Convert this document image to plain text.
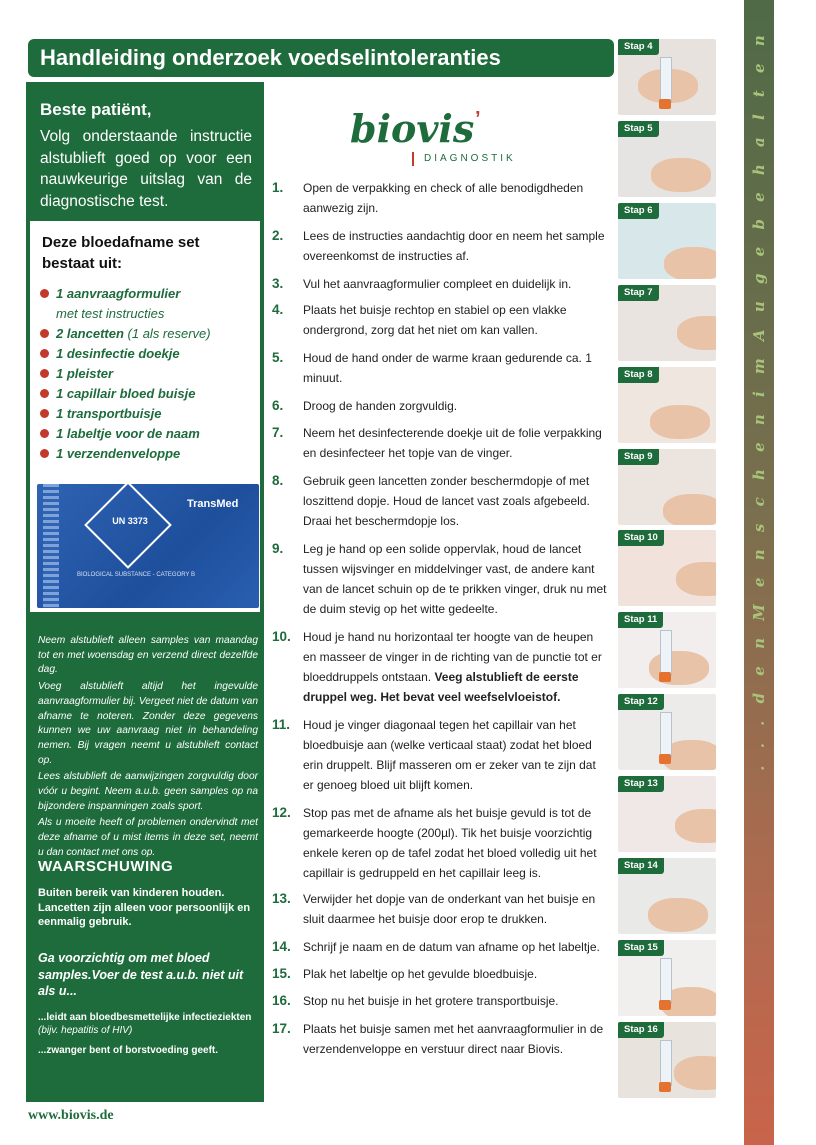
Handleiding onderzoek voedselintoleranties	. . . d e n M e n s c h e n i m A u g e b e h a l t e n
Beste patiënt,

Volg onderstaande instructie alstublieft goed op voor een nauwkeurige uitslag van de diagnostische test.

Deze bloedafname set bestaat uit:
1 aanvraagformulier
met test instructies
2 lancetten (1 als reserve)
1 desinfectie doekje
1 pleister
1 capillair bloed buisje
1 transportbuisje
1 labeltje voor de naam
1 verzendenveloppe
UN 3373
TransMed
BIOLOGICAL SUBSTANCE - CATEGORY B

Neem alstublieft alleen samples van maandag tot en met woensdag en verzend direct dezelfde dag.

Voeg alstublieft altijd het ingevulde aanvraagformulier bij. Vergeet niet de datum van afname te noteren. Zonder deze gegevens kunnen we uw aanvraag niet in behandeling nemen. Bij vragen neemt u alstublieft contact op.

Lees alstublieft de aanwijzingen zorgvuldig door vóór u begint. Neem a.u.b. geen samples op na bijzondere inspanningen zoals sport.

Als u moeite heeft of problemen ondervindt met deze afname of u mist items in deze set, neemt u dan contact met ons op.

WAARSCHUWING
Buiten bereik van kinderen houden. Lancetten zijn alleen voor persoonlijk en eenmalig gebruik.
Ga voorzichtig om met bloed samples.Voer de test a.u.b. niet uit als u...
...leidt aan bloedbesmettelijke infectieziekten (bijv. hepatitis of HIV)
...zwanger bent of borstvoeding geeft.
www.biovis.de
biovis ’
DIAGNOSTIK
1.	Open de verpakking en check of alle benodigdheden aanwezig zijn.
2.	Lees de instructies aandachtig door en neem het sample overeenkomst de instructies af.
3.	Vul het aanvraagformulier compleet en duidelijk in.
4.	Plaats het buisje rechtop en stabiel op een vlakke ondergrond, zorg dat het niet om kan vallen.
5.	Houd de hand onder de warme kraan gedurende ca. 1 minuut.
6.	Droog de handen zorgvuldig.
7.	Neem het desinfecterende doekje uit de folie verpakking en desinfecteer het topje van de vinger.
8.	Gebruik geen lancetten zonder beschermdopje of met loszittend dopje. Houd de lancet vast zoals afgebeeld. Draai het beschermdopje los.
9.	Leg je hand op een solide oppervlak, houd de lancet tussen wijsvinger en middelvinger vast, de andere kant van de lancet schuin op de te prikken vinger, druk nu met de duim stevig op het witte gedeelte.
10.	Houd je hand nu horizontaal ter hoogte van de heupen en masseer de vinger in de richting van de punctie tot er bloeddruppels ontstaan. Veeg alstublieft de eerste druppel weg. Het bevat veel weefselvloeistof.
11.	Houd je vinger diagonaal tegen het capillair van het bloedbuisje aan (welke verticaal staat) zodat het bloed erin druppelt. Blijf masseren om er zeker van te zijn dat er genoeg bloed uit blijft komen.
12.	Stop pas met de afname als het buisje gevuld is tot de gemarkeerde hoogte (200µl). Tik het buisje voorzichtig enkele keren op de tafel zodat het bloed volledig uit het capillair is gedruppeld en het capillair leeg is.
13.	Verwijder het dopje van de onderkant van het buisje en sluit daarmee het buisje door erop te drukken.
14.	Schrijf je naam en de datum van afname op het labeltje.
15.	Plak het labeltje op het gevulde bloedbuisje.
16.	Stop nu het buisje in het grotere transportbuisje.
17.	Plaats het buisje samen met het aanvraagformulier in de verzendenveloppe en verstuur direct naar Biovis.
Stap 4
Stap 5
Stap 6
Stap 7
Stap 8
Stap 9
Stap 10
Stap 11
Stap 12
Stap 13
Stap 14
Stap 15
Stap 16
